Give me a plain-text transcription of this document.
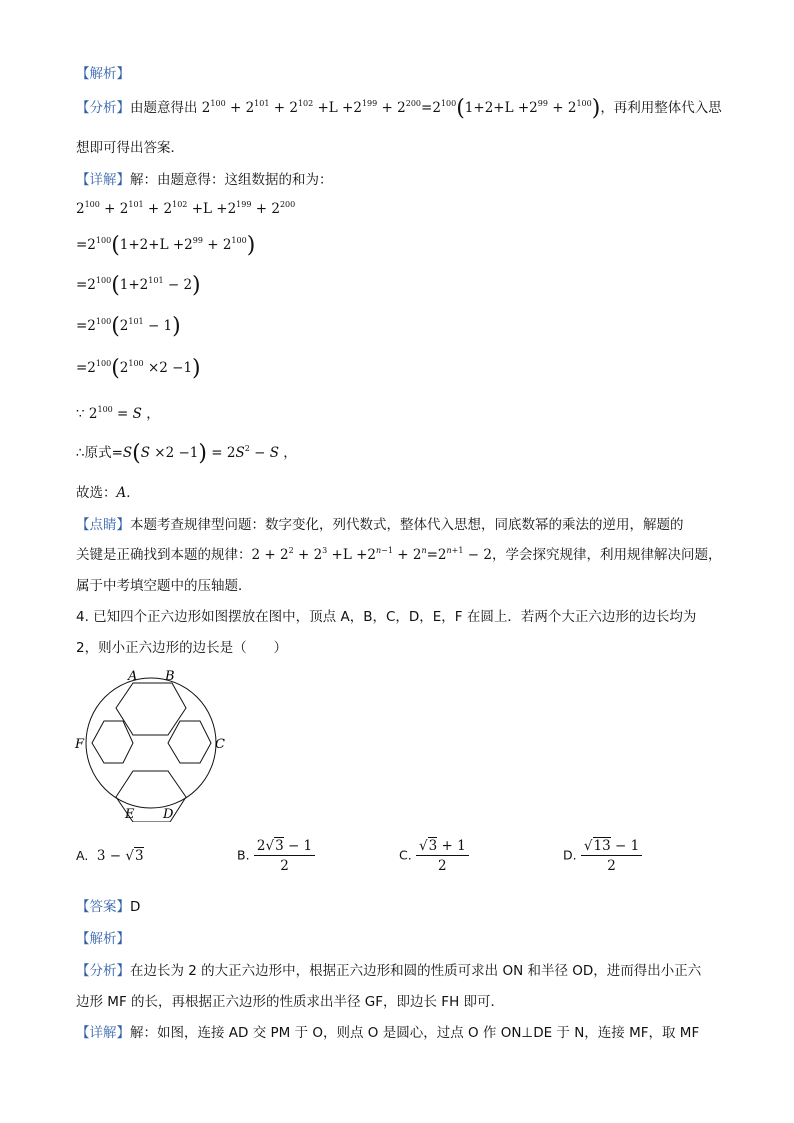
【解析】
【分析】由题意得出 $2^{100} + 2^{101} + 2^{102} +L +2^{199} + 2^{200}=2^{100}(1+2+L +2^{99} + 2^{100})$，再利用整体代入思
想即可得出答案．
【详解】解：由题意得：这组数据的和为：
$2^{100} + 2^{101} + 2^{102} +L +2^{199} + 2^{200}$
$=2^{100}(1+2+L +2^{99} + 2^{100})$
$=2^{100}(1+2^{101} - 2)$
$=2^{100}(2^{101} - 1)$
$=2^{100}(2^{100} \times 2 -1)$
∵ $2^{100} = S$ ，
∴原式$=S(S \times 2 -1) = 2S^2 - S$ ，
故选：A．
【点睛】本题考查规律型问题：数字变化，列代数式，整体代入思想，同底数幂的乘法的逆用，解题的
关键是正确找到本题的规律：$2 + 2^2 + 2^3 +L +2^{n-1} + 2^n=2^{n+1} - 2$，学会探究规律，利用规律解决问题，
属于中考填空题中的压轴题．
4. 已知四个正六边形如图摆放在图中，顶点 A，B，C，D，E，F 在圆上．若两个大正六边形的边长均为
2，则小正六边形的边长是（　　）
A B
C
D
E
F
A.  3 − √3	B. $\frac{2√3 - 1}{2}$	C. $\frac{√3 + 1}{2}$	D. $\frac{√13 - 1}{2}$
【答案】D
【解析】
【分析】在边长为 2 的大正六边形中，根据正六边形和圆的性质可求出 ON 和半径 OD，进而得出小正六
边形 MF 的长，再根据正六边形的性质求出半径 GF，即边长 FH 即可．
【详解】解：如图，连接 AD 交 PM 于 O，则点 O 是圆心，过点 O 作 ON⊥DE 于 N，连接 MF，取 MF
